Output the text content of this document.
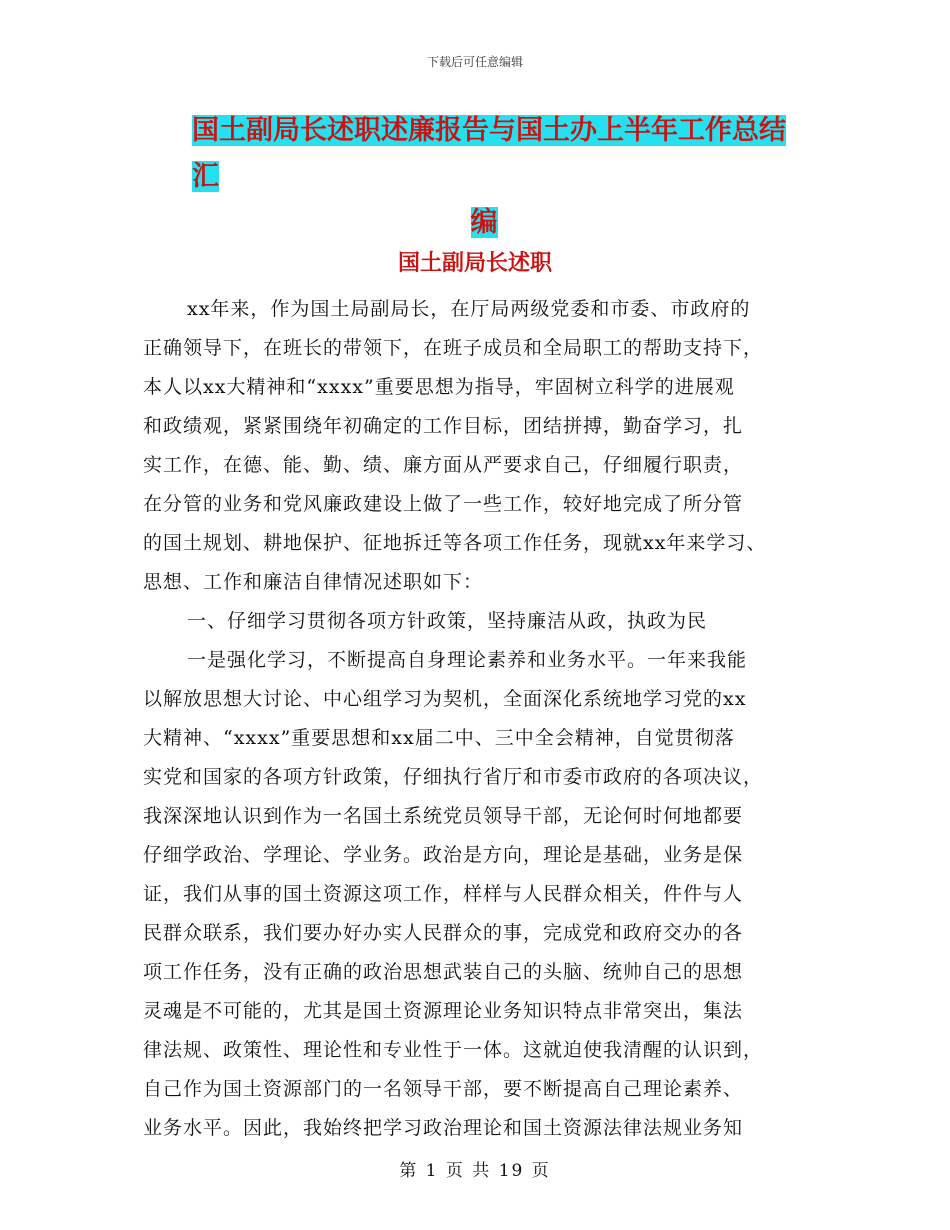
下载后可任意编辑
国土副局长述职述廉报告与国土办上半年工作总结汇
编
国土副局长述职
xx年来，作为国土局副局长，在厅局两级党委和市委、市政府的
正确领导下，在班长的带领下，在班子成员和全局职工的帮助支持下，
本人以xx大精神和“xxxx”重要思想为指导，牢固树立科学的进展观
和政绩观，紧紧围绕年初确定的工作目标，团结拼搏，勤奋学习，扎
实工作，在德、能、勤、绩、廉方面从严要求自己，仔细履行职责，
在分管的业务和党风廉政建设上做了一些工作，较好地完成了所分管
的国土规划、耕地保护、征地拆迁等各项工作任务，现就xx年来学习、
思想、工作和廉洁自律情况述职如下：
一、仔细学习贯彻各项方针政策，坚持廉洁从政，执政为民
一是强化学习，不断提高自身理论素养和业务水平。一年来我能
以解放思想大讨论、中心组学习为契机，全面深化系统地学习党的xx
大精神、“xxxx”重要思想和xx届二中、三中全会精神，自觉贯彻落
实党和国家的各项方针政策，仔细执行省厅和市委市政府的各项决议，
我深深地认识到作为一名国土系统党员领导干部，无论何时何地都要
仔细学政治、学理论、学业务。政治是方向，理论是基础，业务是保
证，我们从事的国土资源这项工作，样样与人民群众相关，件件与人
民群众联系，我们要办好办实人民群众的事，完成党和政府交办的各
项工作任务，没有正确的政治思想武装自己的头脑、统帅自己的思想
灵魂是不可能的，尤其是国土资源理论业务知识特点非常突出，集法
律法规、政策性、理论性和专业性于一体。这就迫使我清醒的认识到，
自己作为国土资源部门的一名领导干部，要不断提高自己理论素养、
业务水平。因此，我始终把学习政治理论和国土资源法律法规业务知
第 1 页 共 19 页
